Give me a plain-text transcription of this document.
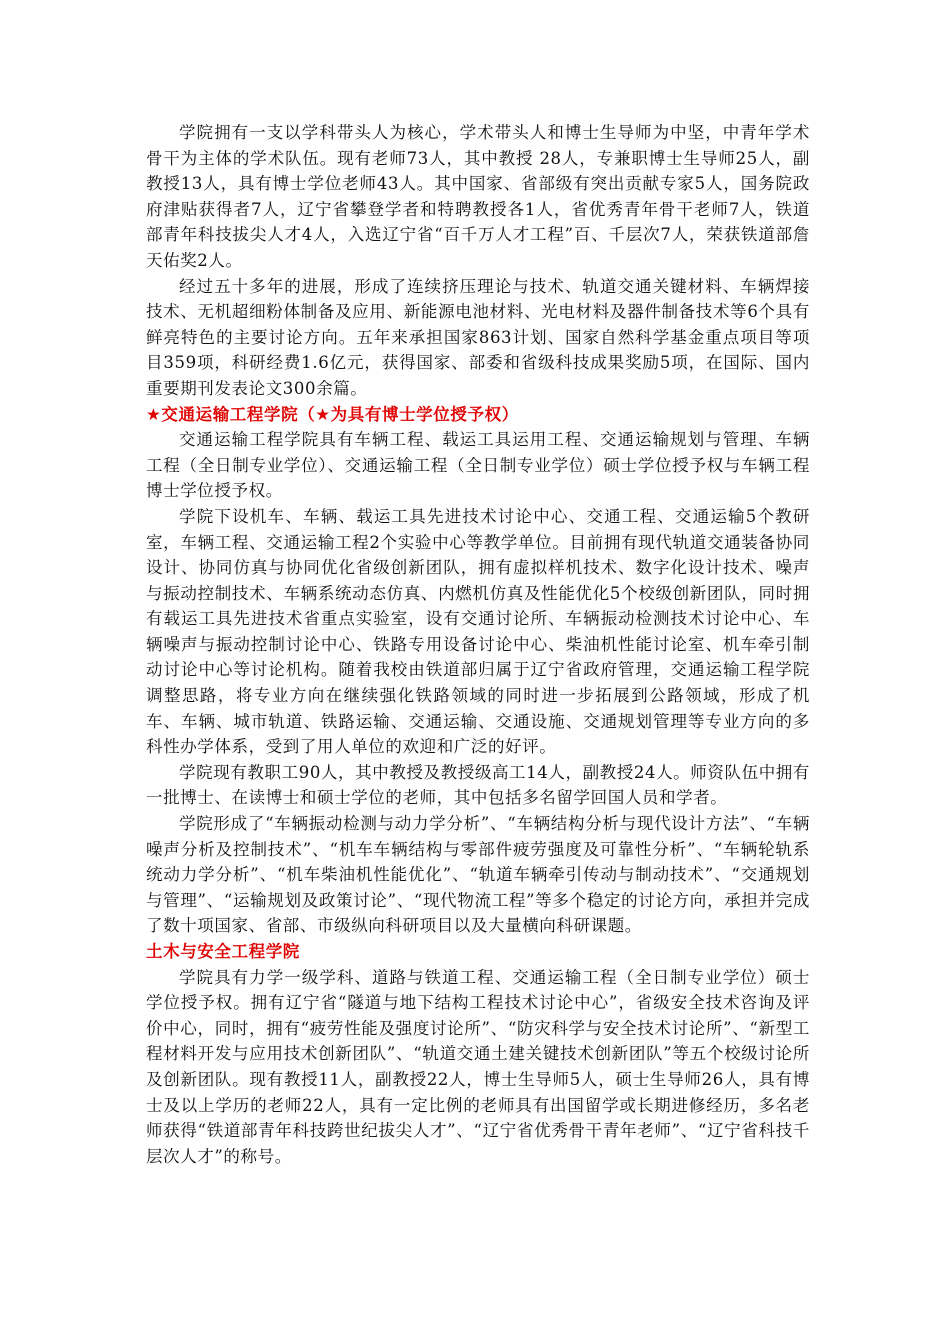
学院拥有一支以学科带头人为核心，学术带头人和博士生导师为中坚，中青年学术骨干为主体的学术队伍。现有老师73人，其中教授 28人，专兼职博士生导师25人，副教授13人，具有博士学位老师43人。其中国家、省部级有突出贡献专家5人，国务院政府津贴获得者7人，辽宁省攀登学者和特聘教授各1人，省优秀青年骨干老师7人，铁道部青年科技拔尖人才4人，入选辽宁省“百千万人才工程”百、千层次7人，荣获铁道部詹天佑奖2人。

经过五十多年的进展，形成了连续挤压理论与技术、轨道交通关键材料、车辆焊接技术、无机超细粉体制备及应用、新能源电池材料、光电材料及器件制备技术等6个具有鲜亮特色的主要讨论方向。五年来承担国家863计划、国家自然科学基金重点项目等项目359项，科研经费1.6亿元，获得国家、部委和省级科技成果奖励5项，在国际、国内重要期刊发表论文300余篇。

★交通运输工程学院（★为具有博士学位授予权）

交通运输工程学院具有车辆工程、载运工具运用工程、交通运输规划与管理、车辆工程（全日制专业学位）、交通运输工程（全日制专业学位）硕士学位授予权与车辆工程博士学位授予权。

学院下设机车、车辆、载运工具先进技术讨论中心、交通工程、交通运输5个教研室，车辆工程、交通运输工程2个实验中心等教学单位。目前拥有现代轨道交通装备协同设计、协同仿真与协同优化省级创新团队，拥有虚拟样机技术、数字化设计技术、噪声与振动控制技术、车辆系统动态仿真、内燃机仿真及性能优化5个校级创新团队，同时拥有载运工具先进技术省重点实验室，设有交通讨论所、车辆振动检测技术讨论中心、车辆噪声与振动控制讨论中心、铁路专用设备讨论中心、柴油机性能讨论室、机车牵引制动讨论中心等讨论机构。随着我校由铁道部归属于辽宁省政府管理，交通运输工程学院调整思路，将专业方向在继续强化铁路领域的同时进一步拓展到公路领域，形成了机车、车辆、城市轨道、铁路运输、交通运输、交通设施、交通规划管理等专业方向的多科性办学体系，受到了用人单位的欢迎和广泛的好评。

学院现有教职工90人，其中教授及教授级高工14人，副教授24人。师资队伍中拥有一批博士、在读博士和硕士学位的老师，其中包括多名留学回国人员和学者。

学院形成了“车辆振动检测与动力学分析”、“车辆结构分析与现代设计方法”、“车辆噪声分析及控制技术”、“机车车辆结构与零部件疲劳强度及可靠性分析”、“车辆轮轨系统动力学分析”、“机车柴油机性能优化”、“轨道车辆牵引传动与制动技术”、“交通规划与管理”、“运输规划及政策讨论”、“现代物流工程”等多个稳定的讨论方向，承担并完成了数十项国家、省部、市级纵向科研项目以及大量横向科研课题。

土木与安全工程学院

学院具有力学一级学科、道路与铁道工程、交通运输工程（全日制专业学位）硕士学位授予权。拥有辽宁省“隧道与地下结构工程技术讨论中心”，省级安全技术咨询及评价中心，同时，拥有“疲劳性能及强度讨论所”、“防灾科学与安全技术讨论所”、“新型工程材料开发与应用技术创新团队”、“轨道交通土建关键技术创新团队”等五个校级讨论所及创新团队。现有教授11人，副教授22人，博士生导师5人，硕士生导师26人，具有博士及以上学历的老师22人，具有一定比例的老师具有出国留学或长期进修经历，多名老师获得“铁道部青年科技跨世纪拔尖人才”、“辽宁省优秀骨干青年老师”、“辽宁省科技千层次人才”的称号。
